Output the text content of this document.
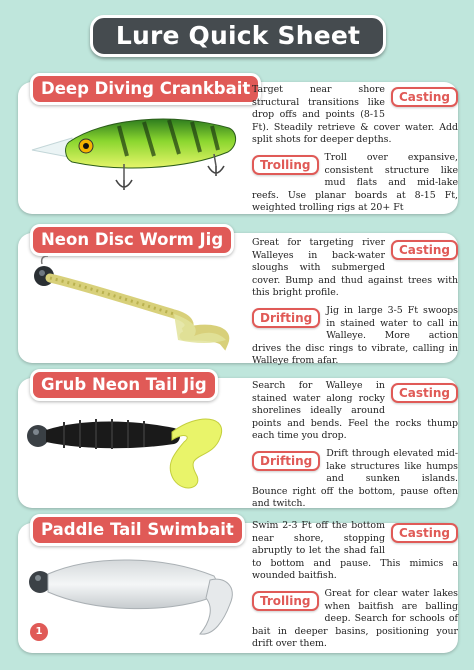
Lure Quick Sheet
Deep Diving Crankbait	Casting
Target near shore structural transitions like drop offs and points (8-15 Ft). Steadily retrieve & cover water. Add split shots for deeper depths.
Trolling
Troll over expansive, consistent structure like mud flats and mid-lake reefs. Use planar boards at 8-15 Ft, weighted trolling rigs at 20+ Ft
Neon Disc Worm Jig
Casting
Great for targeting river Walleyes in back-water sloughs with submerged cover. Bump and thud against trees with this bright profile.
Drifting
Jig in large 3-5 Ft swoops in stained water to call in Walleye. More action drives the disc rings to vibrate, calling in Walleye from afar.
Grub Neon Tail Jig	Casting
Search for Walleye in stained water along rocky shorelines ideally around points and bends. Feel the rocks thump each time you drop.
Drifting
Drift through elevated mid-lake structures like humps and sunken islands. Bounce right off the bottom, pause often and twitch.
Paddle Tail Swimbait	Casting
Swim 2-3 Ft off the bottom near shore, stopping abruptly to let the shad fall to bottom and pause. This mimics a wounded baitfish.
Trolling
Great for clear water lakes when baitfish are balling deep. Search for schools of bait in deeper basins, positioning your drift over them.
1
